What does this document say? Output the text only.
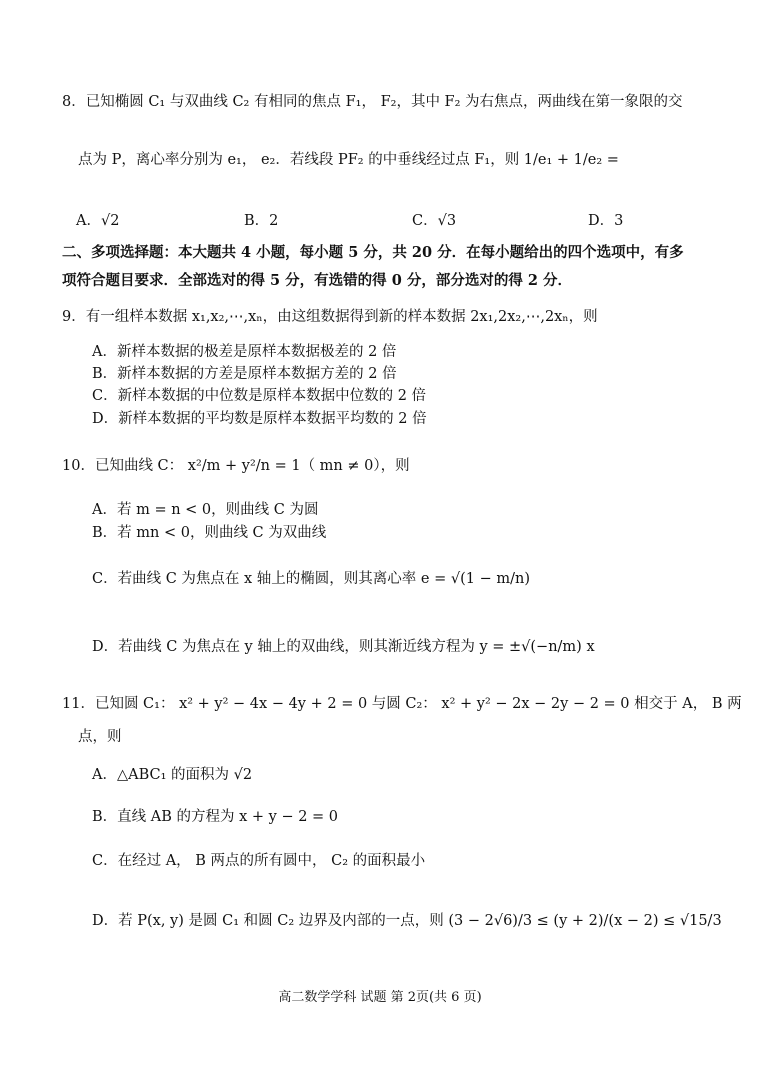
8．已知椭圆 C₁ 与双曲线 C₂ 有相同的焦点 F₁， F₂，其中 F₂ 为右焦点，两曲线在第一象限的交
点为 P，离心率分别为 e₁， e₂．若线段 PF₂ 的中垂线经过点 F₁，则 1/e₁ + 1/e₂ =
A．√2	B．2	C．√3	D．3
二、多项选择题：本大题共 4 小题，每小题 5 分，共 20 分．在每小题给出的四个选项中，有多
项符合题目要求．全部选对的得 5 分，有选错的得 0 分，部分选对的得 2 分．
9．有一组样本数据 x₁,x₂,⋯,xₙ，由这组数据得到新的样本数据 2x₁,2x₂,⋯,2xₙ，则
A．新样本数据的极差是原样本数据极差的 2 倍
B．新样本数据的方差是原样本数据方差的 2 倍
C．新样本数据的中位数是原样本数据中位数的 2 倍
D．新样本数据的平均数是原样本数据平均数的 2 倍
10．已知曲线 C： x²/m + y²/n = 1（ mn ≠ 0），则
A．若 m = n < 0，则曲线 C 为圆
B．若 mn < 0，则曲线 C 为双曲线
C．若曲线 C 为焦点在 x 轴上的椭圆，则其离心率 e = √(1 − m/n)
D．若曲线 C 为焦点在 y 轴上的双曲线，则其渐近线方程为 y = ±√(−n/m) x
11．已知圆 C₁： x² + y² − 4x − 4y + 2 = 0 与圆 C₂： x² + y² − 2x − 2y − 2 = 0 相交于 A， B 两
点，则
A．△ABC₁ 的面积为 √2
B．直线 AB 的方程为 x + y − 2 = 0
C．在经过 A， B 两点的所有圆中， C₂ 的面积最小
D．若 P(x, y) 是圆 C₁ 和圆 C₂ 边界及内部的一点，则 (3 − 2√6)/3 ≤ (y + 2)/(x − 2) ≤ √15/3
高二数学学科 试题 第 2页(共 6 页)
